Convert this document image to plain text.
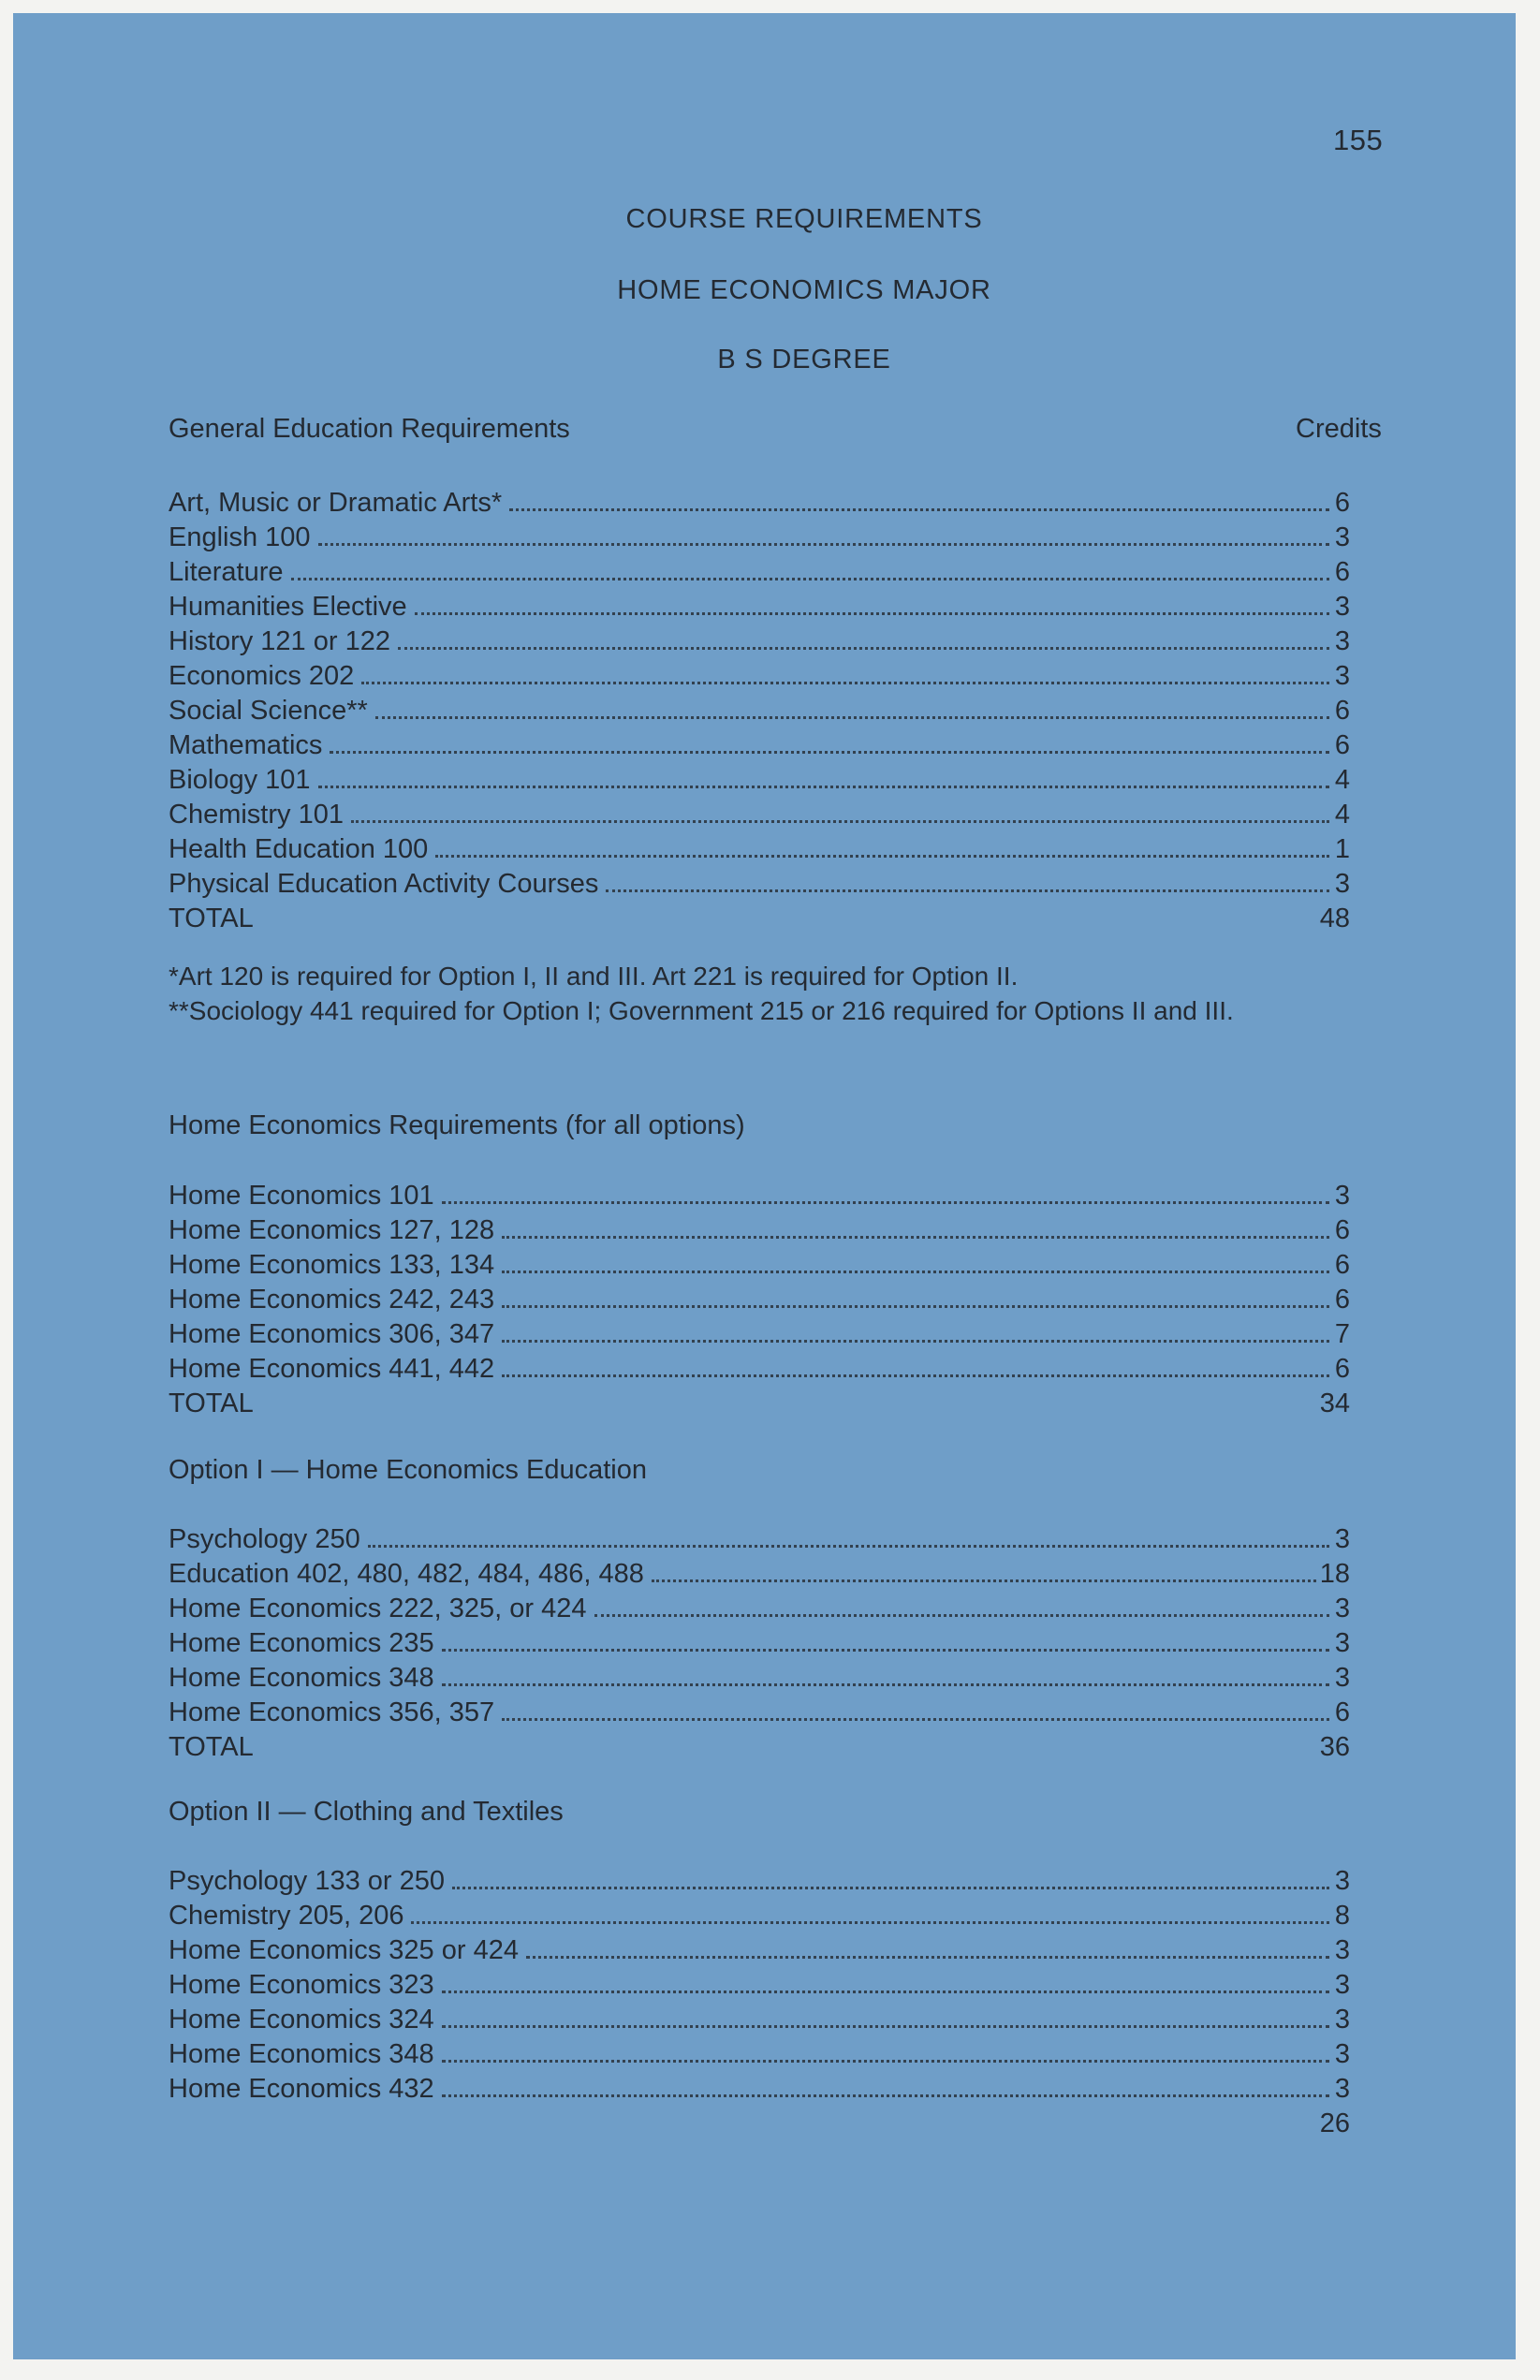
155
COURSE REQUIREMENTS
HOME ECONOMICS MAJOR
B S DEGREE
General Education Requirements	Credits
Art, Music or Dramatic Arts*	6
English 100	3
Literature	6
Humanities Elective	3
History 121 or 122	3
Economics 202	3
Social Science**	6
Mathematics	6
Biology 101	4
Chemistry 101	4
Health Education 100	1
Physical Education Activity Courses	3
TOTAL	48
*Art 120 is required for Option I, II and III. Art 221 is required for Option II.
**Sociology 441 required for Option I; Government 215 or 216 required for Options II and III.
Home Economics Requirements (for all options)
Home Economics 101	3
Home Economics 127, 128	6
Home Economics 133, 134	6
Home Economics 242, 243	6
Home Economics 306, 347	7
Home Economics 441, 442	6
TOTAL	34
Option I — Home Economics Education
Psychology 250	3
Education 402, 480, 482, 484, 486, 488	18
Home Economics 222, 325, or 424	3
Home Economics 235	3
Home Economics 348	3
Home Economics 356, 357	6
TOTAL	36
Option II — Clothing and Textiles
Psychology 133 or 250	3
Chemistry 205, 206	8
Home Economics 325 or 424	3
Home Economics 323	3
Home Economics 324	3
Home Economics 348	3
Home Economics 432	3
26
